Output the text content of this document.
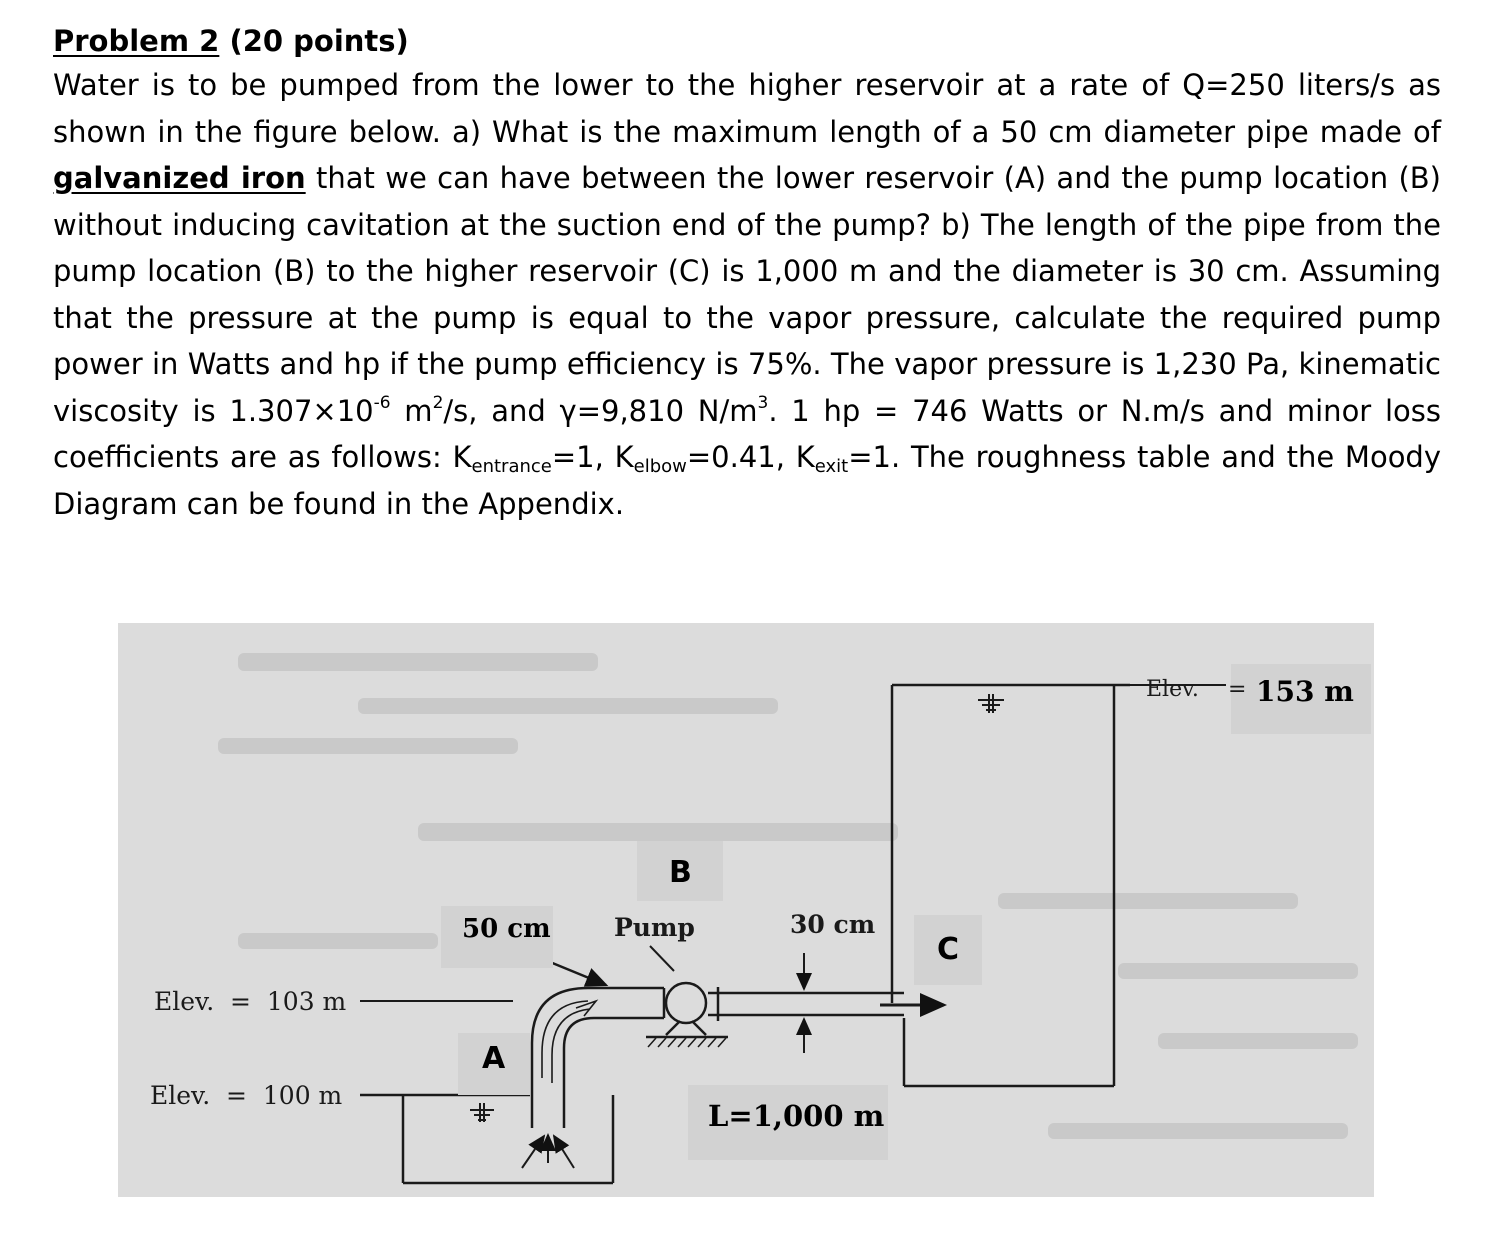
Problem 2 (20 points)

Water is to be pumped from the lower to the higher reservoir at a rate of Q=250 liters/s as shown in the figure below. a) What is the maximum length of a 50 cm diameter pipe made of galvanized iron that we can have between the lower reservoir (A) and the pump location (B) without inducing cavitation at the suction end of the pump? b) The length of the pipe from the pump location (B) to the higher reservoir (C) is 1,000 m and the diameter is 30 cm. Assuming that the pressure at the pump is equal to the vapor pressure, calculate the required pump power in Watts and hp if the pump efficiency is 75%. The vapor pressure is 1,230 Pa, kinematic viscosity is $1.307\times 10^{-6}$ $m^2/s$, and γ=9,810 $N/m^3$. 1 hp = 746 Watts or N.m/s and minor loss coefficients are as follows: $K_{entrance}=1$, $K_{elbow}=0.41$, $K_{exit}=1$. The roughness table and the Moody Diagram can be found in the Appendix.

Elev. = 153 m
B
50 cm	Pump	30 cm
C
A
Elev.  =  103 m
Elev.  =  100 m
L=1,000 m
